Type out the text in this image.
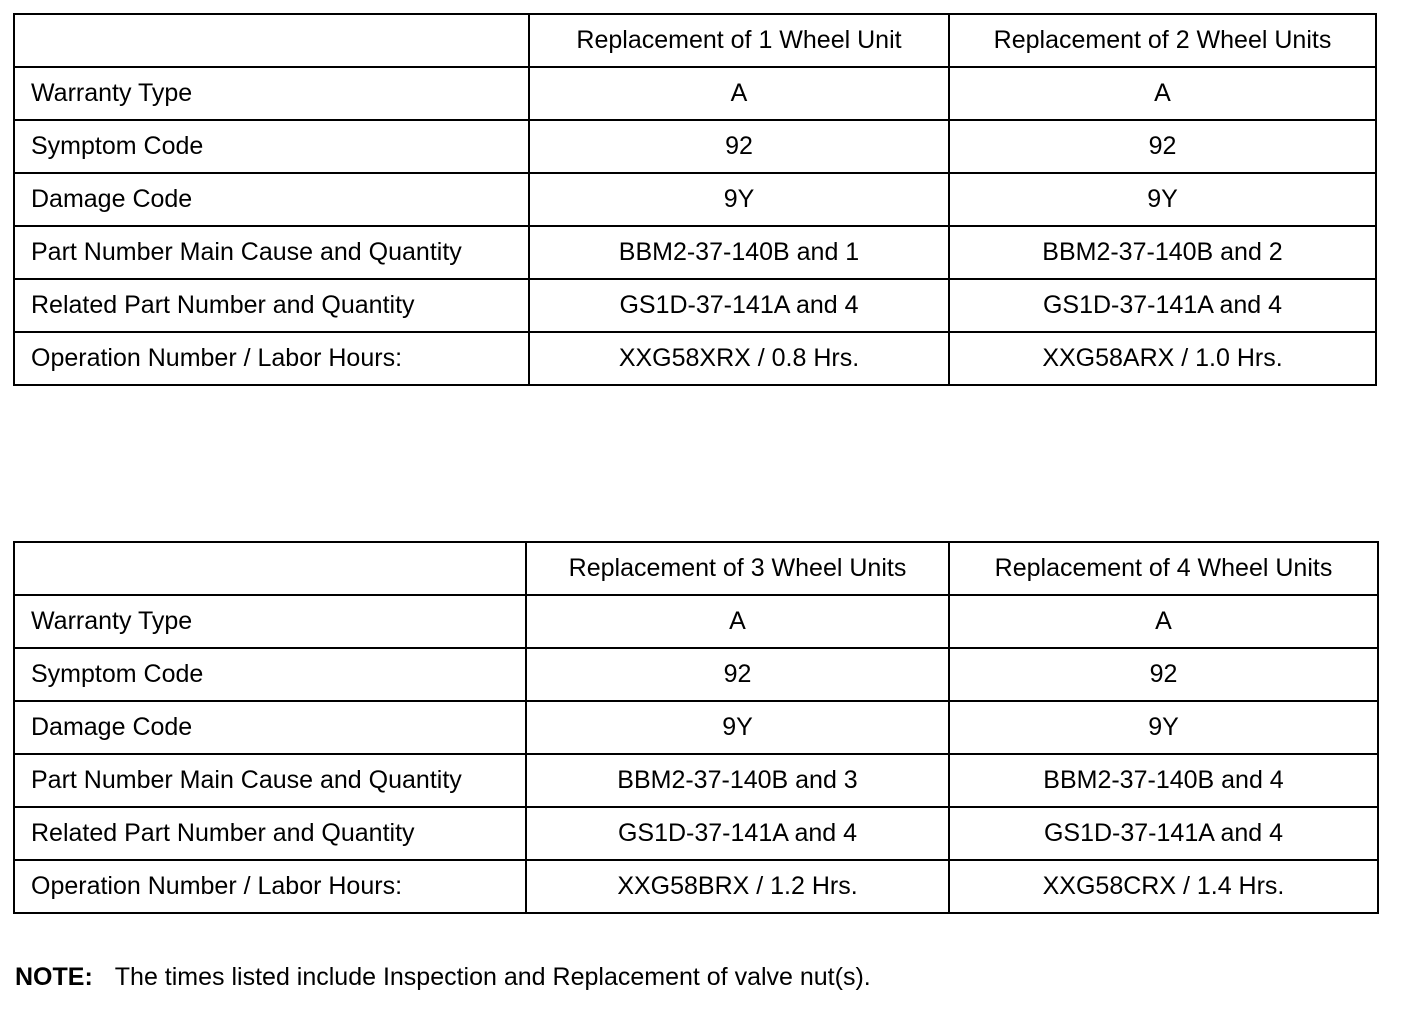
	Replacement of 1 Wheel Unit	Replacement of 2 Wheel Units
Warranty Type	A	A
Symptom Code	92	92
Damage Code	9Y	9Y
Part Number Main Cause and Quantity	BBM2-37-140B and 1	BBM2-37-140B and 2
Related Part Number and Quantity	GS1D-37-141A and 4	GS1D-37-141A and 4
Operation Number / Labor Hours:	XXG58XRX / 0.8 Hrs.	XXG58ARX / 1.0 Hrs.
	Replacement of 3 Wheel Units	Replacement of 4 Wheel Units
Warranty Type	A	A
Symptom Code	92	92
Damage Code	9Y	9Y
Part Number Main Cause and Quantity	BBM2-37-140B and 3	BBM2-37-140B and 4
Related Part Number and Quantity	GS1D-37-141A and 4	GS1D-37-141A and 4
Operation Number / Labor Hours:	XXG58BRX / 1.2 Hrs.	XXG58CRX / 1.4 Hrs.
NOTE: The times listed include Inspection and Replacement of valve nut(s).
